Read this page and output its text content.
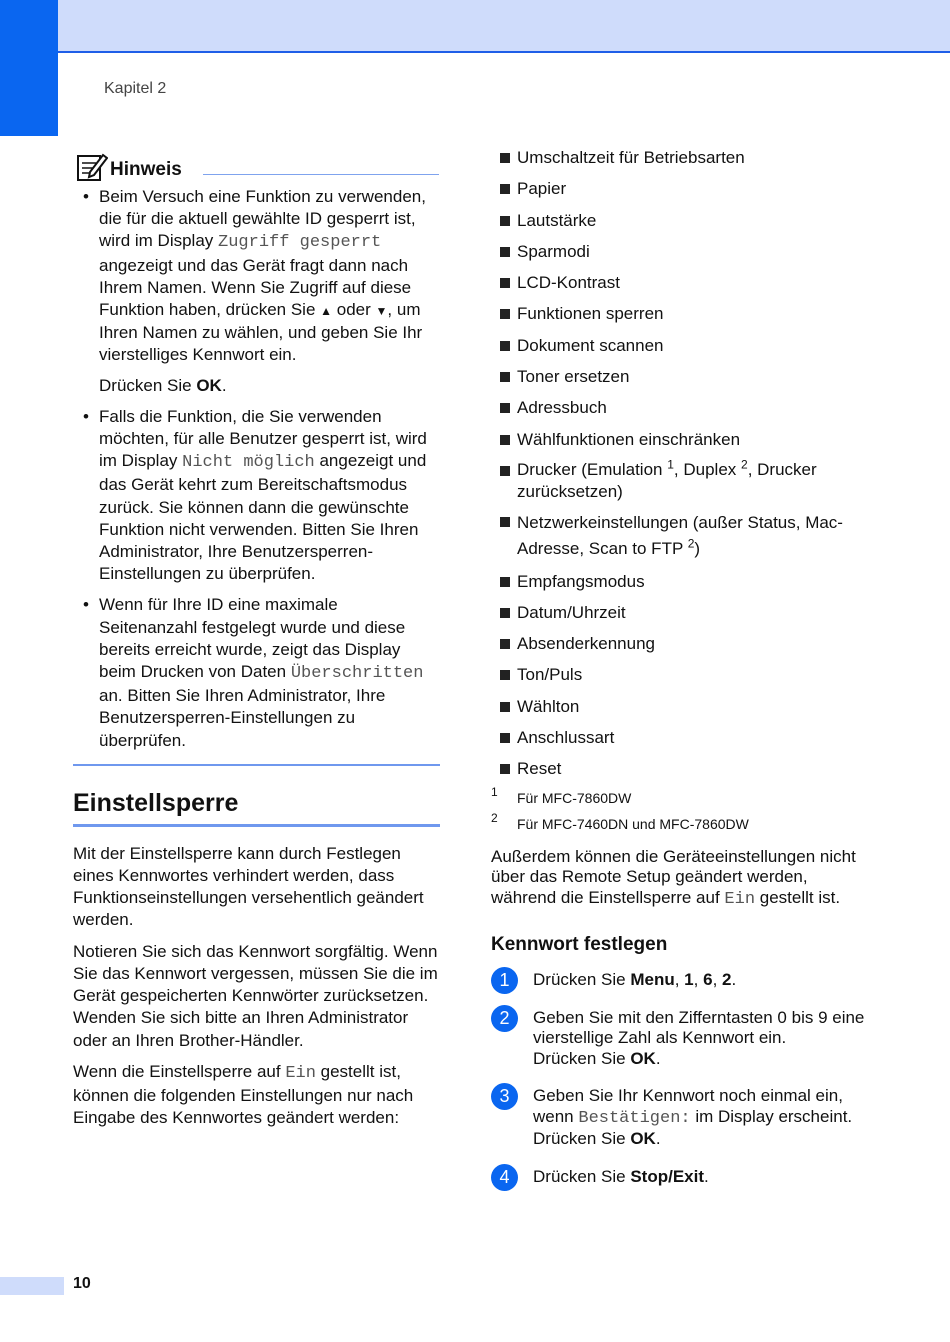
Kapitel 2
Hinweis
• Beim Versuch eine Funktion zu verwenden, die für die aktuell gewählte ID gesperrt ist, wird im Display Zugriff gesperrt angezeigt und das Gerät fragt dann nach Ihrem Namen. Wenn Sie Zugriff auf diese Funktion haben, drücken Sie ▲ oder ▼, um Ihren Namen zu wählen, und geben Sie Ihr vierstelliges Kennwort ein.

Drücken Sie OK.

• Falls die Funktion, die Sie verwenden möchten, für alle Benutzer gesperrt ist, wird im Display Nicht möglich angezeigt und das Gerät kehrt zum Bereitschaftsmodus zurück. Sie können dann die gewünschte Funktion nicht verwenden. Bitten Sie Ihren Administrator, Ihre Benutzersperren-Einstellungen zu überprüfen.

• Wenn für Ihre ID eine maximale Seitenanzahl festgelegt wurde und diese bereits erreicht wurde, zeigt das Display beim Drucken von Daten Überschritten an. Bitten Sie Ihren Administrator, Ihre Benutzersperren-Einstellungen zu überprüfen.

Einstellsperre

Mit der Einstellsperre kann durch Festlegen eines Kennwortes verhindert werden, dass Funktionseinstellungen versehentlich geändert werden.

Notieren Sie sich das Kennwort sorgfältig. Wenn Sie das Kennwort vergessen, müssen Sie die im Gerät gespeicherten Kennwörter zurücksetzen. Wenden Sie sich bitte an Ihren Administrator oder an Ihren Brother-Händler.

Wenn die Einstellsperre auf Ein gestellt ist, können die folgenden Einstellungen nur nach Eingabe des Kennwortes geändert werden:

Umschaltzeit für Betriebsarten
Papier
Lautstärke
Sparmodi
LCD-Kontrast
Funktionen sperren
Dokument scannen
Toner ersetzen
Adressbuch
Wählfunktionen einschränken
Drucker (Emulation $^1$, Duplex $^2$, Drucker zurücksetzen)
Netzwerkeinstellungen (außer Status, Mac-Adresse, Scan to FTP $^2$)
Empfangsmodus
Datum/Uhrzeit
Absenderkennung
Ton/Puls
Wählton
Anschlussart
Reset
1 Für MFC-7860DW
2 Für MFC-7460DN und MFC-7860DW

Außerdem können die Geräteeinstellungen nicht über das Remote Setup geändert werden, während die Einstellsperre auf Ein gestellt ist.

Kennwort festlegen
1	Drücken Sie Menu, 1, 6, 2.
2	Geben Sie mit den Zifferntasten 0 bis 9 eine vierstellige Zahl als Kennwort ein.
Drücken Sie OK.
3	Geben Sie Ihr Kennwort noch einmal ein, wenn Bestätigen: im Display erscheint.
Drücken Sie OK.
4	Drücken Sie Stop/Exit.
10
